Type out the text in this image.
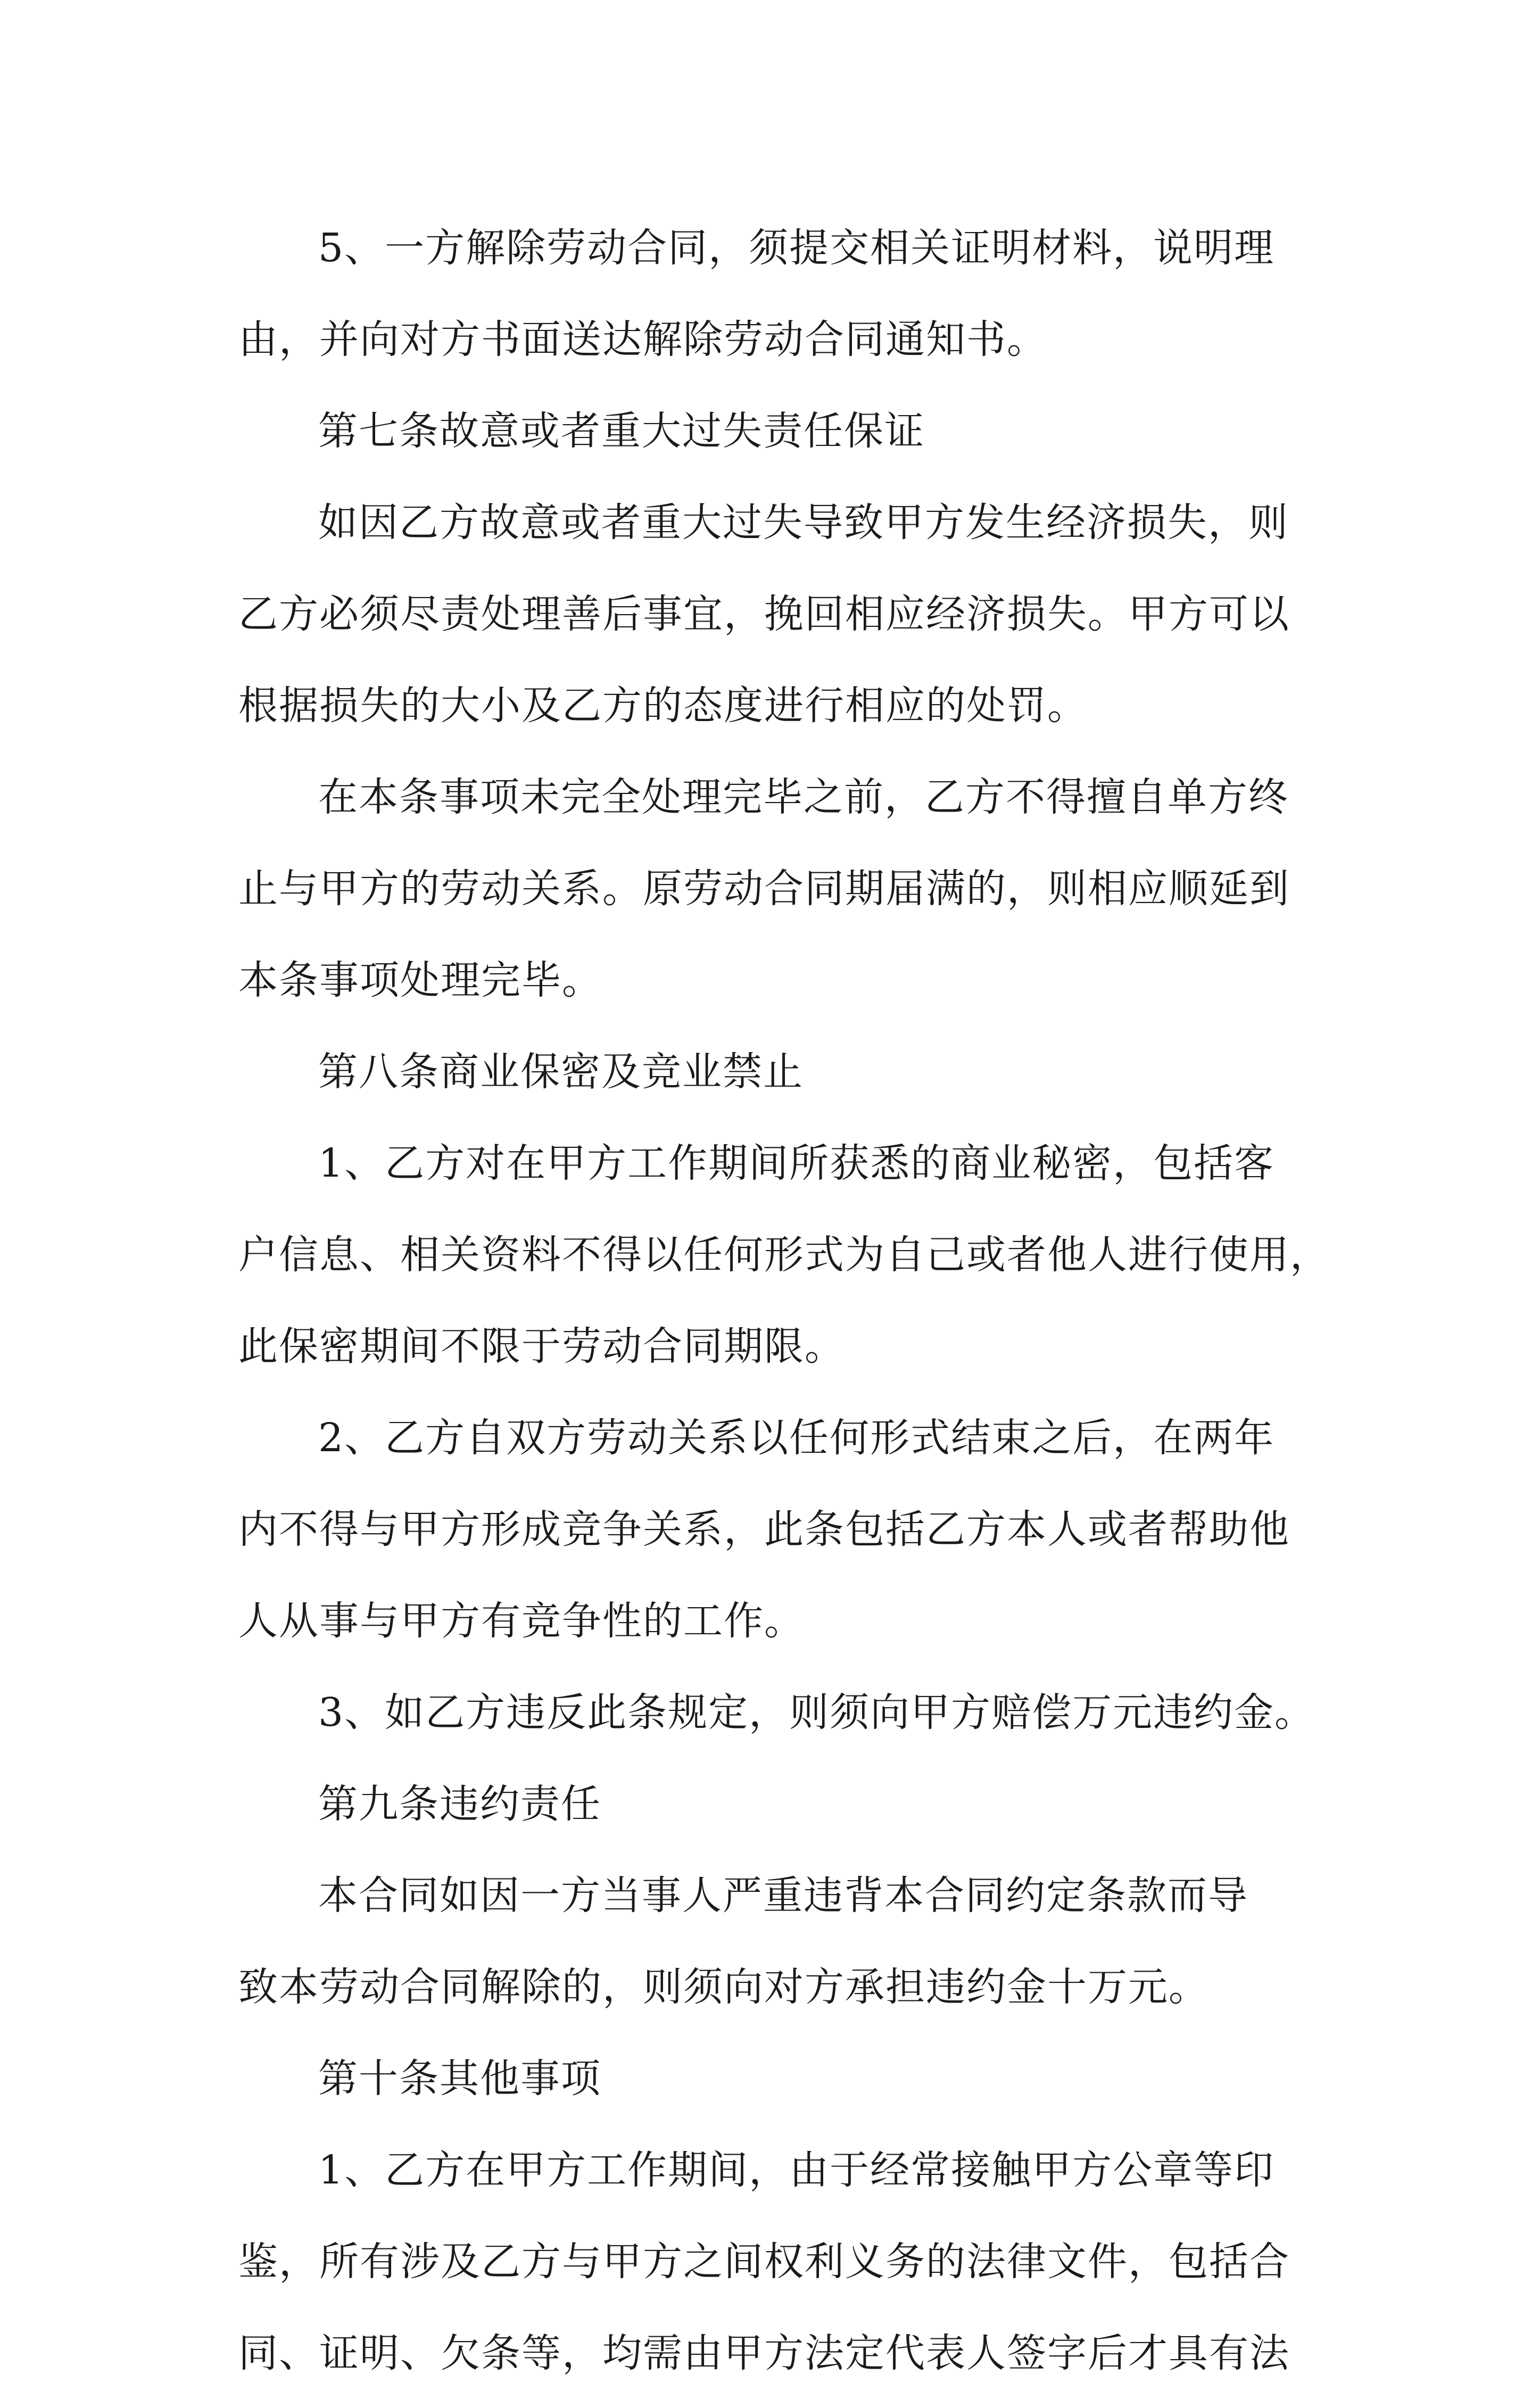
5、一方解除劳动合同，须提交相关证明材料，说明理
由，并向对方书面送达解除劳动合同通知书。
第七条故意或者重大过失责任保证
如因乙方故意或者重大过失导致甲方发生经济损失，则
乙方必须尽责处理善后事宜，挽回相应经济损失。甲方可以
根据损失的大小及乙方的态度进行相应的处罚。
在本条事项未完全处理完毕之前，乙方不得擅自单方终
止与甲方的劳动关系。原劳动合同期届满的，则相应顺延到
本条事项处理完毕。
第八条商业保密及竞业禁止
1、乙方对在甲方工作期间所获悉的商业秘密，包括客
户信息、相关资料不得以任何形式为自己或者他人进行使用，
此保密期间不限于劳动合同期限。
2、乙方自双方劳动关系以任何形式结束之后，在两年
内不得与甲方形成竞争关系，此条包括乙方本人或者帮助他
人从事与甲方有竞争性的工作。
3、如乙方违反此条规定，则须向甲方赔偿万元违约金。
第九条违约责任
本合同如因一方当事人严重违背本合同约定条款而导
致本劳动合同解除的，则须向对方承担违约金十万元。
第十条其他事项
1、乙方在甲方工作期间，由于经常接触甲方公章等印
鉴，所有涉及乙方与甲方之间权利义务的法律文件，包括合
同、证明、欠条等，均需由甲方法定代表人签字后才具有法
